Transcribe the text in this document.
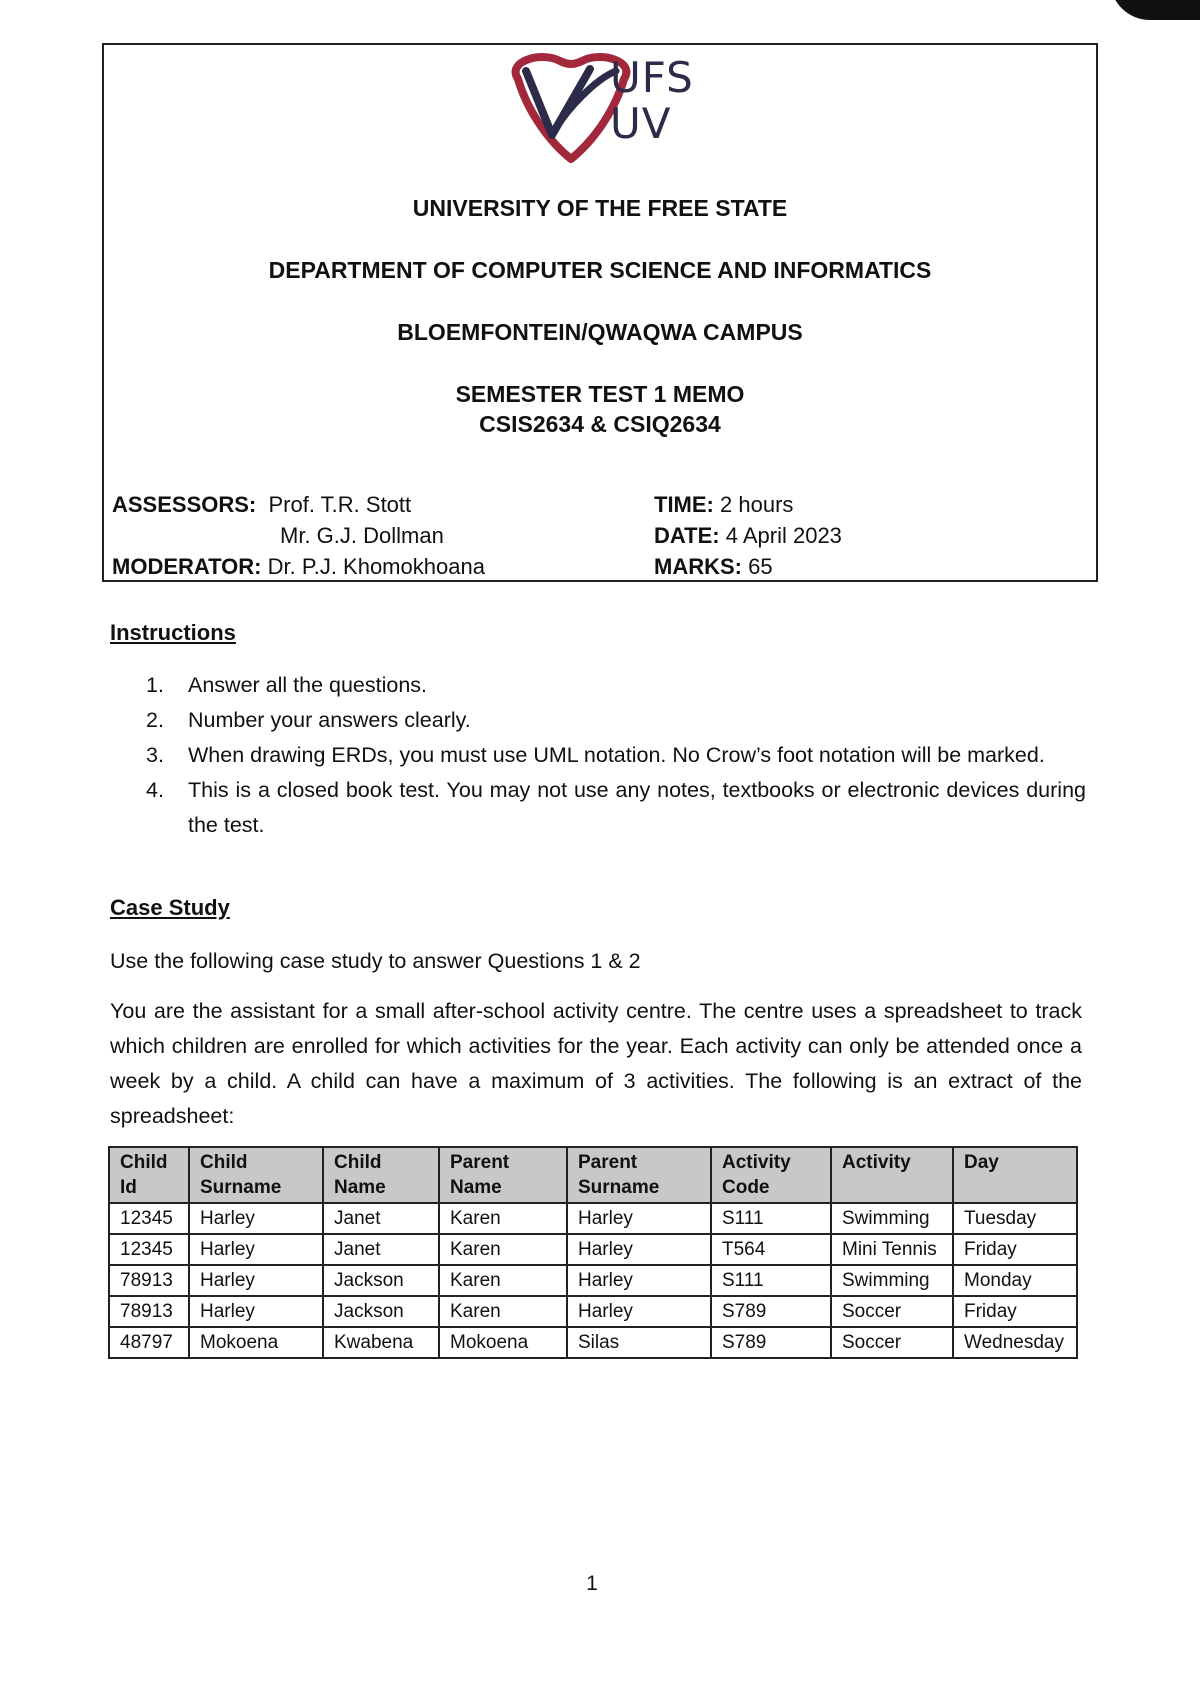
UFS
UV
UNIVERSITY OF THE FREE STATE
DEPARTMENT OF COMPUTER SCIENCE AND INFORMATICS
BLOEMFONTEIN/QWAQWA CAMPUS
SEMESTER TEST 1 MEMO
CSIS2634 & CSIQ2634
ASSESSORS: Prof. T.R. Stott
Mr. G.J. Dollman
MODERATOR: Dr. P.J. Khomokhoana
TIME: 2 hours
DATE: 4 April 2023
MARKS: 65
Instructions
1. Answer all the questions.
2. Number your answers clearly.
3. When drawing ERDs, you must use UML notation. No Crow’s foot notation will be marked.
4. This is a closed book test. You may not use any notes, textbooks or electronic devices during the test.
Case Study
Use the following case study to answer Questions 1 & 2
You are the assistant for a small after-school activity centre. The centre uses a spreadsheet to track which children are enrolled for which activities for the year. Each activity can only be attended once a week by a child. A child can have a maximum of 3 activities. The following is an extract of the spreadsheet:
Child Id	Child Surname	Child Name	Parent Name	Parent Surname	Activity Code	Activity	Day
12345	Harley	Janet	Karen	Harley	S111	Swimming	Tuesday
12345	Harley	Janet	Karen	Harley	T564	Mini Tennis	Friday
78913	Harley	Jackson	Karen	Harley	S111	Swimming	Monday
78913	Harley	Jackson	Karen	Harley	S789	Soccer	Friday
48797	Mokoena	Kwabena	Mokoena	Silas	S789	Soccer	Wednesday
1
